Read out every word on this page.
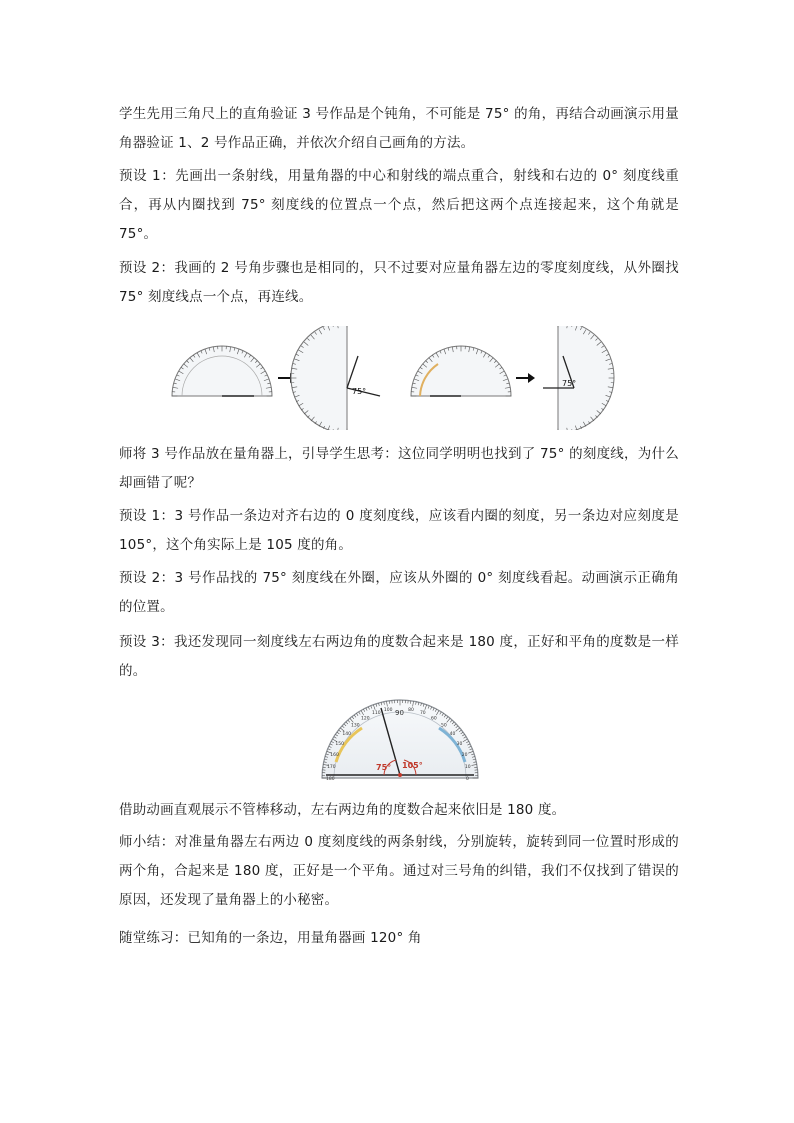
学生先用三角尺上的直角验证 3 号作品是个钝角，不可能是 75° 的角，再结合动画演示用量角器验证 1、2 号作品正确，并依次介绍自己画角的方法。

预设 1：先画出一条射线，用量角器的中心和射线的端点重合，射线和右边的 0° 刻度线重合，再从内圈找到 75° 刻度线的位置点一个点，然后把这两个点连接起来，这个角就是 75°。

预设 2：我画的 2 号角步骤也是相同的，只不过要对应量角器左边的零度刻度线，从外圈找 75° 刻度线点一个点，再连线。

75°
75°

师将 3 号作品放在量角器上，引导学生思考：这位同学明明也找到了 75° 的刻度线，为什么却画错了呢？

预设 1：3 号作品一条边对齐右边的 0 度刻度线，应该看内圈的刻度，另一条边对应刻度是 105°，这个角实际上是 105 度的角。

预设 2：3 号作品找的 75° 刻度线在外圈，应该从外圈的 0° 刻度线看起。动画演示正确角的位置。

预设 3：我还发现同一刻度线左右两边角的度数合起来是 180 度，正好和平角的度数是一样的。

0
10
20
30
40
50
60
70
80
100
110
120
130
140
150
160
170
180
75° 105°
90

借助动画直观展示不管棒移动，左右两边角的度数合起来依旧是 180 度。

师小结：对准量角器左右两边 0 度刻度线的两条射线，分别旋转，旋转到同一位置时形成的两个角，合起来是 180 度，正好是一个平角。通过对三号角的纠错，我们不仅找到了错误的原因，还发现了量角器上的小秘密。

随堂练习：已知角的一条边，用量角器画 120° 角
